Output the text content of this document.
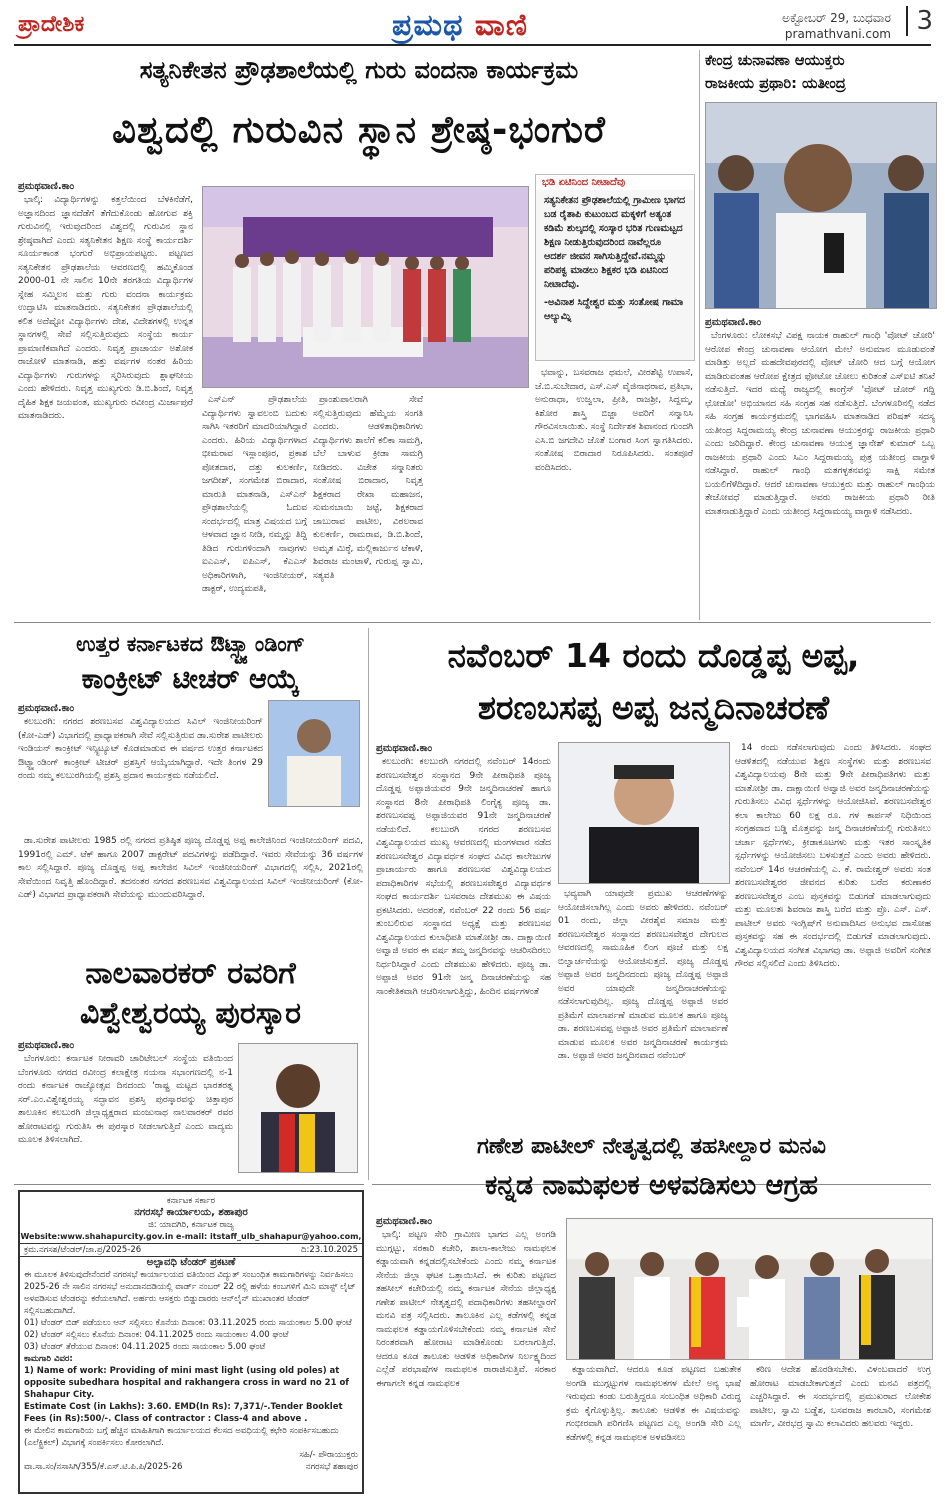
ಪ್ರಾದೇಶಿಕ	ಪ್ರಮಥ ವಾಣಿ	ಅಕ್ಟೋಬರ್ 29, ಬುಧವಾರ
pramathvani.com 3
ಸತ್ಯನಿಕೇತನ ಪ್ರೌಢಶಾಲೆಯಲ್ಲಿ ಗುರು ವಂದನಾ ಕಾರ್ಯಕ್ರಮ
ವಿಶ್ವದಲ್ಲಿ ಗುರುವಿನ ಸ್ಥಾನ ಶ್ರೇಷ್ಠ-ಭಂಗುರೆ
ಪ್ರಮಥವಾಣಿ.ಕಾಂ

ಭಾಲ್ಕಿ: ವಿದ್ಯಾರ್ಥಿಗಳನ್ನು ಕತ್ತಲೆಯಿಂದ ಬೆಳಕಿನೆಡೆಗೆ, ಅಜ್ಞಾನದಿಂದ ಜ್ಞಾನದೆಡೆಗೆ ತೆಗೆದುಕೊಂಡು ಹೋಗುವ ಶಕ್ತಿ ಗುರುವಿನಲ್ಲಿ ಇರುವುದರಿಂದ ವಿಶ್ವದಲ್ಲಿ ಗುರುವಿನ ಸ್ಥಾನ ಶ್ರೇಷ್ಠವಾಗಿದೆ ಎಂದು ಸತ್ಯನಿಕೇತನ ಶಿಕ್ಷಣ ಸಂಸ್ಥೆ ಕಾರ್ಯದರ್ಶಿ ಸೂರ್ಯಕಾಂತ ಭಂಗುರೆ ಅಭಿಪ್ರಾಯಪಟ್ಟರು. ಪಟ್ಟಣದ ಸತ್ಯನಿಕೇತನ ಪ್ರೌಢಶಾಲೆಯ ಆವರಣದಲ್ಲಿ ಹಮ್ಮಿಕೊಂಡ 2000-01 ನೇ ಸಾಲಿನ 10ನೇ ತರಗತಿಯ ವಿದ್ಯಾರ್ಥಿಗಳ ಸ್ನೇಹ ಸಮ್ಮಿಲನ ಮತ್ತು ಗುರು ವಂದನಾ ಕಾರ್ಯಕ್ರಮ ಉದ್ಘಾಟಿಸಿ ಮಾತನಾಡಿದರು. ಸತ್ಯನಿಕೇತನ ಪ್ರೌಢಶಾಲೆಯಲ್ಲಿ ಕಲಿತ ಅದೆಷ್ಟೋ ವಿದ್ಯಾರ್ಥಿಗಳು ದೇಶ, ವಿದೇಶಗಳಲ್ಲಿ ಉನ್ನತ ಸ್ಥಾನಗಳಲ್ಲಿ ಸೇವೆ ಸಲ್ಲಿಸುತ್ತಿರುವುದು ಸಂಸ್ಥೆಯ ಕಾರ್ಯ ಪ್ರಾಮಾಣಿಕವಾಗಿದೆ ಎಂದರು. ನಿವೃತ್ತ ಪ್ರಾಚಾರ್ಯ ಅಶೋಕ ರಾಜೋಳೆ ಮಾತನಾಡಿ, ಹತ್ತು ವರ್ಷಗಳ ನಂತರ ಹಿರಿಯ ವಿದ್ಯಾರ್ಥಿಗಳು ಗುರುಗಳನ್ನು ಸ್ಮರಿಸಿರುವುದು ಶ್ಲಾಘನೀಯ ಎಂದು ಹೇಳಿದರು. ನಿವೃತ್ತ ಮುಖ್ಯಗುರು ಡಿ.ಬಿ.ಶಿಂದೆ, ನಿವೃತ್ತ ದೈಹಿಕ ಶಿಕ್ಷಕ ಜಯವಂತ, ಮುಖ್ಯಗುರು ರವೀಂದ್ರ ಮಿರ್ಜಾಪುರೆ ಮಾತನಾಡಿದರು.

ಭಡಿ ಏಟಿನಿಂದ ನೀಟಾದೆವು
ಸತ್ಯನಿಕೇತನ ಪ್ರೌಢಶಾಲೆಯಲ್ಲಿ ಗ್ರಾಮೀಣ ಭಾಗದ ಬಡ ರೈತಾಪಿ ಕುಟುಂಬದ ಮಕ್ಕಳಿಗೆ ಅತ್ಯಂತ ಕಡಿಮೆ ಶುಲ್ಕದಲ್ಲಿ ಸಂಸ್ಕಾರ ಭರಿತ ಗುಣಮಟ್ಟದ ಶಿಕ್ಷಣ ನೀಡುತ್ತಿರುವುದರಿಂದ ನಾವೆಲ್ಲರೂ ಆದರ್ಶ ಜೀವನ ಸಾಗಿಸುತ್ತಿದ್ದೇವೆ.ನಮ್ಮನ್ನು ಪರಿಪಕ್ವ ಮಾಡಲು ಶಿಕ್ಷಕರ ಭಡಿ ಏಟಿನಿಂದ ನೀಟಾದೆವು.
-ಅವಿನಾಶ ಸಿದ್ದೇಶ್ವರ ಮತ್ತು ಸಂತೋಷ ಗಾಮಾ ಆಲ್ಯುಮ್ನಿ

ಎಸ್‌ಎನ್ ಪ್ರೌಢಶಾಲೆಯ ವಿದ್ಯಾರ್ಥಿಗಳು ಸ್ವಾವಲಂಬಿ ಬದುಕು ಸಾಗಿಸಿ ಇತರರಿಗೆ ಮಾದರಿಯಾಗಿದ್ದಾರೆ ಎಂದರು. ಹಿರಿಯ ವಿದ್ಯಾರ್ಥಿಗಳಾದ ಭೀಮರಾವ ಇಸ್ಲಾಂಪೂರ, ಪ್ರಕಾಶ ಪೋತದಾರ, ದತ್ತು ಕುಲಕರ್ಣಿ, ಜಗದೀಶ್, ಸಂಗಮೇಶ ಬಿರಾದಾರ, ಮಾರುತಿ ಮಾತನಾಡಿ, ಎಸ್‌ಎನ್ ಪ್ರೌಢಶಾಲೆಯಲ್ಲಿ ಓದುವ ಸಂದರ್ಭದಲ್ಲಿ ಮಾತ್ರ ವಿಷಯದ ಬಗ್ಗೆ ಆಳವಾದ ಜ್ಞಾನ ನೀಡಿ, ನಮ್ಮನ್ನು ತಿದ್ದಿ ತಿಡಿದ ಗುರುಗಳಿಂದಾಗಿ ನಾವುಗಳು ಐಎಎಸ್, ಐಪಿಎಸ್, ಕೆಎಎಸ್ ಅಧಿಕಾರಿಗಳಾಗಿ, ಇಂಜಿನೀಯರ್, ಡಾಕ್ಟರ್, ಉದ್ಯಮಪತಿ,

ಪ್ರಾಂಶುಪಾಲರಾಗಿ ಸೇವೆ ಸಲ್ಲಿಸುತ್ತಿರುವುದು ಹೆಮ್ಮೆಯ ಸಂಗತಿ ಎಂದರು. ಆಡಳಿತಾಧಿಕಾರಿಗಳು ವಿದ್ಯಾರ್ಥಿಗಳು ಶಾಲೆಗೆ ಕಲಿಕಾ ಸಾಮಗ್ರಿ, ಬೆಲೆ ಬಾಳುವ ಕ್ರೀಡಾ ಸಾಮಗ್ರಿ ನೀಡಿದರು. ವಿಜೇತ ಸನ್ಮಾನಿತರು ಸಂತೋಷ ಬಿರಾದಾರ, ನಿವೃತ್ತ ಶಿಕ್ಷಕರಾದ ರೇಖಾ ಮಹಾಜನ, ಸುಮನಬಾಯಿ ಜಟ್ಟೆ, ಶಿಕ್ಷಕರಾದ ಜಾಬುರಾವ ಪಾಟೀಲ, ವಿಠಲರಾವ ಕುಲಕರ್ಣಿ, ರಾಮರಾವ, ಡಿ.ಬಿ.ಶಿಂದೆ, ಅಮೃತ ಮಿಠ್ಠೆ, ಮಲ್ಲಿಕಾರ್ಜುನ ಟೆಕಾಳೆ, ಶಿವರಾಜ ಮಂಟಾಳೆ, ಗುರುಪ್ಪ ಸ್ವಾಮಿ, ಸತ್ಯವತಿ

ಭವಾನ್ನು, ಬಸವರಾಜ ಥಮಲೆ, ವೀರಶೆಟ್ಟಿ ಉಪಾಸೆ, ಜೆ.ಬಿ.ಸುಬೇದಾರ, ಎಸ್.ಎಸ್ ವೈಜಿನಾಥರಾವ, ಪ್ರತಿಭಾ, ಅನುರಾಧಾ, ಉಜ್ವಲಾ, ಪ್ರೀತಿ, ರಾಜಶ್ರೀ, ಸಿದ್ದಮ್ಮ, ಕಿಶೋರ ಶಾಸ್ತ್ರಿ ಬಿಜ್ಜಾ ಅವರಿಗೆ ಸನ್ಮಾನಿಸಿ ಗೌರವಿಸಲಾಯಿತು. ಸಂಸ್ಥೆ ನಿರ್ದೇಶಕ ಶಿವಾನಂದ ಗುಂದಗಿ ಎಸಿ.ಬಿ ಜಗದೇವಿ ಜೊತೆ ಬಂಗಾರ ಸಿಂಗ ಸ್ವಾಗತಿಸಿದರು. ಸಂತೋಷ ಬಿರಾದಾರ ನಿರೂಪಿಸಿದರು. ಸಂತಪೂರೆ ವಂದಿಸಿದರು.

ಕೇಂದ್ರ ಚುನಾವಣಾ ಆಯುಕ್ತರು
ರಾಜಕೀಯ ಪ್ರಥಾರಿ: ಯತೀಂದ್ರ
ಪ್ರಮಥವಾಣಿ.ಕಾಂ

ಬೆಂಗಳೂರು: ಲೋಕಸಭೆ ವಿಪಕ್ಷ ನಾಯಕ ರಾಹುಲ್ ಗಾಂಧಿ 'ವೋಟ್ ಚೋರಿ' ಆರೋಪ ಕೇಂದ್ರ ಚುನಾವಣಾ ಆಯೋಗ ಮೇಲೆ ಅನುಮಾನ ಮೂಡುವಂತೆ ಮಾಡಿತ್ತು ಅಲ್ಲದೆ ಮಹದೇವಪುರದಲ್ಲಿ ವೋಟ್ ಚೋರಿ ಆದ ಬಗ್ಗೆ ಆಯೋಗ ಮಾಡಿರುವಂತಹ ಆರೋಪ ಕ್ಷೇತ್ರದ ಫೋಟೋ ಚೋಲು ಕುರಿತಂತೆ ಎಸ್‌ಐಟಿ ತನಿಖೆ ನಡೆಸುತ್ತಿದೆ. ಇದರ ಮಧ್ಯೆ ರಾಜ್ಯದಲ್ಲಿ ಕಾಂಗ್ರೆಸ್ 'ವೋಟ್ ಚೋರ್ ಗದ್ದಿ ಛೋಡೋ' ಅಭಿಯಾನದ ಸಹಿ ಸಂಗ್ರಹ ಸಹ ನಡೆಸುತ್ತಿದೆ. ಬೆಂಗಳೂರಿನಲ್ಲಿ ನಡೆದ ಸಹಿ ಸಂಗ್ರಹ ಕಾರ್ಯಕ್ರಮದಲ್ಲಿ ಭಾಗವಹಿಸಿ ಮಾತನಾಡಿದ ಪರಿಷತ್ ಸದಸ್ಯ ಯತೀಂದ್ರ ಸಿದ್ದರಾಮಯ್ಯ ಕೇಂದ್ರ ಚುನಾವಣಾ ಆಯುಕ್ತರನ್ನು ರಾಜಕೀಯ ಪ್ರಥಾರಿ ಎಂದು ಜರಿದಿದ್ದಾರೆ. ಕೇಂದ್ರ ಚುನಾವಣಾ ಆಯುಕ್ತ ಜ್ಞಾನೇಶ್ ಕುಮಾರ್ ಒಬ್ಬ ರಾಜಕೀಯ ಪ್ರಥಾರಿ ಎಂದು ಸಿಎಂ ಸಿದ್ದರಾಮಯ್ಯ ಪುತ್ರ ಯತೀಂದ್ರ ವಾಗ್ದಾಳಿ ನಡೆಸಿದ್ದಾರೆ. ರಾಹುಲ್ ಗಾಂಧಿ ಮತಗಳ್ಳತನವನ್ನು ಸಾಕ್ಷಿ ಸಮೇತ ಬಯಲಿಗೆಳೆದಿದ್ದಾರೆ. ಆದರೆ ಚುನಾವಣಾ ಆಯುಕ್ತರು ಮತ್ತು ರಾಹುಲ್ ಗಾಂಧಿಯ ತೇಜೋವಧೆ ಮಾಡುತ್ತಿದ್ದಾರೆ. ಅವರು ರಾಜಕೀಯ ಪ್ರಥಾರಿ ರೀತಿ ಮಾತನಾಡುತ್ತಿದ್ದಾರೆ ಎಂದು ಯತೀಂದ್ರ ಸಿದ್ದರಾಮಯ್ಯ ವಾಗ್ದಾಳಿ ನಡೆಸಿದರು.

ಉತ್ತರ ಕರ್ನಾಟಕದ ಔಟ್ಸ್ಟ್ಯಾಂಡಿಂಗ್
ಕಾಂಕ್ರೀಟ್ ಟೀಚರ್ ಆಯ್ಕೆ
ಪ್ರಮಥವಾಣಿ.ಕಾಂ

ಕಲಬುರಗಿ: ನಗರದ ಶರಣಬಸವ ವಿಶ್ವವಿದ್ಯಾಲಯದ ಸಿವಿಲ್ ಇಂಜಿನೀಯರಿಂಗ್ (ಕೋ-ಎಡ್) ವಿಭಾಗದಲ್ಲಿ ಪ್ರಾಧ್ಯಾಪಕರಾಗಿ ಸೇವೆ ಸಲ್ಲಿಸುತ್ತಿರುವ ಡಾ.ಸುರೇಶ ಪಾಟೀಲರು ಇಂಡಿಯನ್ ಕಾಂಕ್ರೀಟ್ ಇನ್ಸ್ಟಿಟ್ಯೂಟ್ ಕೊಡಮಾಡುವ ಈ ವರ್ಷದ ಉತ್ತರ ಕರ್ನಾಟಕದ ಔಟ್ಸ್ಟ್ಯಾಂಡಿಂಗ್ ಕಾಂಕ್ರೀಟ್ ಟೀಚರ್ ಪ್ರಶಸ್ತಿಗೆ ಆಯ್ಕೆಯಾಗಿದ್ದಾರೆ. ಇದೇ ತಿಂಗಳ 29 ರಂದು ನಮ್ಮ ಕಲಬುರಗಿಯಲ್ಲಿ ಪ್ರಶಸ್ತಿ ಪ್ರದಾನ ಕಾರ್ಯಕ್ರಮ ನಡೆಯಲಿದೆ.

ಡಾ.ಸುರೇಶ ಪಾಟೀಲರು 1985 ರಲ್ಲಿ ನಗರದ ಪ್ರತಿಷ್ಠಿತ ಪೂಜ್ಯ ದೊಡ್ಡಪ್ಪ ಅಪ್ಪ ಕಾಲೇಜಿನಿಂದ ಇಂಜಿನೀಯರಿಂಗ್ ಪದವಿ, 1991ರಲ್ಲಿ ಎಮ್. ಟೆಕ್ ಹಾಗೂ 2007 ಡಾಕ್ಟರೇಟ್ ಪದವಿಗಳನ್ನು ಪಡೆದಿದ್ದಾರೆ. ಇವರು ಸೇವೆಯನ್ನು 36 ವರ್ಷಗಳ ಕಾಲ ಸಲ್ಲಿಸಿದ್ದಾರೆ. ಪೂಜ್ಯ ದೊಡ್ಡಪ್ಪ ಅಪ್ಪ ಕಾಲೇಜಿನ ಸಿವಿಲ್ ಇಂಜಿನೀಯರಿಂಗ್ ವಿಭಾಗದಲ್ಲಿ ಸಲ್ಲಿಸಿ, 2021ರಲ್ಲಿ ಸೇವೆಯಿಂದ ನಿವೃತ್ತಿ ಹೊಂದಿದ್ದಾರೆ. ತದನಂತರ ನಗರದ ಶರಣಬಸವ ವಿಶ್ವವಿದ್ಯಾಲಯದ ಸಿವಿಲ್ ಇಂಜಿನೀಯರಿಂಗ್ (ಕೋ-ಎಡ್) ವಿಭಾಗದ ಪ್ರಾಧ್ಯಾಪಕರಾಗಿ ಸೇವೆಯನ್ನು ಮುಂದುವರಿಸಿದ್ದಾರೆ.

ನಾಲವಾರಕರ್ ರವರಿಗೆ
ವಿಶ್ವೇಶ್ವರಯ್ಯ ಪುರಸ್ಕಾರ
ಪ್ರಮಥವಾಣಿ.ಕಾಂ

ಬೆಂಗಳೂರು: ಕರ್ನಾಟಕ ನೀರಾವರಿ ಚಾರಿಟೇಬಲ್ ಸಂಸ್ಥೆಯ ವತಿಯಿಂದ ಬೆಂಗಳೂರು ನಗರದ ರವೀಂದ್ರ ಕಲಾಕ್ಷೇತ್ರ ನಯನಾ ಸಭಾಂಗಣದಲ್ಲಿ ನ-1 ರಂದು ಕರ್ನಾಟಕ ರಾಜ್ಯೋತ್ಸವ ದಿನದಂದು 'ರಾಷ್ಟ್ರ ಮಟ್ಟದ ಭಾರತರತ್ನ ಸರ್.ಎಂ.ವಿಶ್ವೇಶ್ವರಯ್ಯ ಸದ್ಭಾವನ ಪ್ರಶಸ್ತಿ ಪುರಸ್ಕಾರವನ್ನು ಚಿತ್ತಾಪುರ ತಾಲೂಕಿನ ಕಲಬುರಗಿ ಜಿಲ್ಲಾಧ್ಯಕ್ಷರಾದ ಮಂಜುನಾಥ ನಾಲವಾರಕರ್ ರವರ ಹೋರಾಟವನ್ನು ಗುರುತಿಸಿ ಈ ಪುರಸ್ಕಾರ ನೀಡಲಾಗುತ್ತಿದೆ ಎಂದು ವಾದ್ಯಮ ಮೂಲಕ ತಿಳಿಸಲಾಗಿದೆ.

ನವೆಂಬರ್ 14 ರಂದು ದೊಡ್ಡಪ್ಪ ಅಪ್ಪ,
ಶರಣಬಸಪ್ಪ ಅಪ್ಪ ಜನ್ಮದಿನಾಚರಣೆ
ಪ್ರಮಥವಾಣಿ.ಕಾಂ

ಕಲಬುರಗಿ: ಕಲಬುರಗಿ ನಗರದಲ್ಲಿ ನವೆಂಬರ್ 14ರಂದು ಶರಣಬಸವೇಶ್ವರ ಸಂಸ್ಥಾನದ 9ನೇ ಪೀಠಾಧಿಪತಿ ಪೂಜ್ಯ ದೊಡ್ಡಪ್ಪ ಅಪ್ಪಾಜಿಯವರ 9ನೇ ಜನ್ಮದಿನಾಚರಣೆ ಹಾಗೂ ಸಂಸ್ಥಾನದ 8ನೇ ಪೀಠಾಧಿಪತಿ ಲಿಂಗೈಕ್ಯ ಪೂಜ್ಯ ಡಾ. ಶರಣಬಸವಪ್ಪ ಅಪ್ಪಾಜಿಯವರ 91ನೇ ಜನ್ಮದಿನಾಚರಣೆ ನಡೆಯಲಿದೆ. ಕಲಬುರಗಿ ನಗರದ ಶರಣಬಸವ ವಿಶ್ವವಿದ್ಯಾಲಯದ ಮುಖ್ಯ ಆವರಣದಲ್ಲಿ ಮಂಗಳವಾರ ನಡೆದ ಶರಣಬಸವೇಶ್ವರ ವಿದ್ಯಾವರ್ಧಕ ಸಂಘದ ವಿವಿಧ ಕಾಲೇಜುಗಳ ಪ್ರಾಚಾರ್ಯರು ಹಾಗೂ ಶರಣಬಸವ ವಿಶ್ವವಿದ್ಯಾಲಯದ ಪದಾಧಿಕಾರಿಗಳ ಸಭೆಯಲ್ಲಿ ಶರಣಬಸವೇಶ್ವರ ವಿದ್ಯಾವರ್ಧಕ ಸಂಘದ ಕಾರ್ಯದರ್ಶಿ ಬಸವರಾಜ ದೇಶಮುಖ ಈ ವಿಷಯ ಪ್ರಕಟಿಸಿದರು. ಅದರಂತೆ, ನವೆಂಬರ್ 22 ರಂದು 56 ವರ್ಷ ತುಂಬಲಿರುವ ಸಂಸ್ಥಾನದ ಅಧ್ಯಕ್ಷೆ ಮತ್ತು ಶರಣಬಸವ ವಿಶ್ವವಿದ್ಯಾಲಯದ ಕುಲಾಧಿಪತಿ ಮಾತೋಶ್ರೀ ಡಾ. ದಾಕ್ಷಾಯಿಣಿ ಅವ್ವಾಜಿ ಅವರ ಈ ವರ್ಷ ತಮ್ಮ ಜನ್ಮದಿನವನ್ನು ಆಚರಿಸದಿರಲು ನಿರ್ಧರಿಸಿದ್ದಾರೆ ಎಂದು ದೇಶಮುಖ ಹೇಳಿದರು. ಪೂಜ್ಯ ಡಾ. ಅಪ್ಪಾಜಿ ಅವರ 91ನೇ ಜನ್ಮ ದಿನಾಚರಣೆಯನ್ನು ಸಹ ಸಾಂಕೇತಿಕವಾಗಿ ಆಚರಿಸಲಾಗುತ್ತಿದ್ದು, ಹಿಂದಿನ ವರ್ಷಗಳಂತೆ

ಭವ್ಯವಾಗಿ ಯಾವುದೇ ಪ್ರಮುಖ ಆಚರಣೆಗಳನ್ನು ಆಯೋಜಿಸಲಾಗಿಲ್ಲ ಎಂದು ಅವರು ಹೇಳಿದರು. ನವೆಂಬರ್ 01 ರಂದು, ಜಿಲ್ಲಾ ವೀರಶೈವ ಸಮಾಜ ಮತ್ತು ಶರಣಬಸವೇಶ್ವರ ಸಂಸ್ಥಾನದ ಶರಣಬಸವೇಶ್ವರ ದೇಗುಲದ ಆವರಣದಲ್ಲಿ ಸಾಮೂಹಿಕ ಲಿಂಗ ಪೂಜೆ ಮತ್ತು ಲಕ್ಷ ಬಿಲ್ವಾರ್ಚನೆಯನ್ನು ಆಯೋಜಿಸುತ್ತದೆ. ಪೂಜ್ಯ ದೊಡ್ಡಪ್ಪ ಅಪ್ಪಾಜಿ ಅವರ ಜನ್ಮದಿನದಂದು ಪೂಜ್ಯ ದೊಡ್ಡಪ್ಪ ಅಪ್ಪಾಜಿ ಅವರ ಯಾವುದೇ ಜನ್ಮದಿನಾಚರಣೆಯನ್ನು ನಡೆಸಲಾಗುವುದಿಲ್ಲ. ಪೂಜ್ಯ ದೊಡ್ಡಪ್ಪ ಅಪ್ಪಾಜಿ ಅವರ ಪ್ರತಿಮೆಗೆ ಮಾಲಾರ್ಪಣೆ ಮಾಡುವ ಮೂಲಕ ಹಾಗೂ ಪೂಜ್ಯ ಡಾ. ಶರಣಬಸವಪ್ಪ ಅಪ್ಪಾಜಿ ಅವರ ಪ್ರತಿಮೆಗೆ ಮಾಲಾರ್ಪಣೆ ಮಾಡುವ ಮೂಲಕ ಅವರ ಜನ್ಮದಿನಾಚರಣೆ ಕಾರ್ಯಕ್ರಮ ಡಾ. ಅಪ್ಪಾಜಿ ಅವರ ಜನ್ಮದಿನವಾದ ನವೆಂಬರ್

14 ರಂದು ನಡೆಸಲಾಗುವುದು ಎಂದು ತಿಳಿಸಿದರು. ಸಂಘದ ಆಡಳಿತದಲ್ಲಿ ನಡೆಯುವ ಶಿಕ್ಷಣ ಸಂಸ್ಥೆಗಳು ಮತ್ತು ಶರಣಬಸವ ವಿಶ್ವವಿದ್ಯಾಲಯವು 8ನೇ ಮತ್ತು 9ನೇ ಪೀಠಾಧಿಪತಿಗಳು ಮತ್ತು ಮಾತೋಶ್ರೀ ಡಾ. ದಾಕ್ಷಾಯಿಣಿ ಅವ್ವಾಜಿ ಅವರ ಜನ್ಮದಿನಾಚರಣೆಯನ್ನು ಗುರುತಿಸಲು ವಿವಿಧ ಸ್ಪರ್ಧೆಗಳನ್ನು ಆಯೋಜಿಸಿವೆ. ಶರಣಬಸವೇಶ್ವರ ಕಲಾ ಕಾಲೇಜು 60 ಲಕ್ಷ ರೂ. ಗಳ ಕಾರ್ಪಸ್ ನಿಧಿಯಿಂದ ಸಂಗ್ರಹವಾದ ಬಡ್ಡಿ ಮೊತ್ತವನ್ನು ಜನ್ಮ ದಿನಾಚರಣೆಯಲ್ಲಿ ಗುರುತಿಸಲು ಚರ್ಚಾ ಸ್ಪರ್ಧೆಗಳು, ಕ್ರೀಡಾಕೂಟಗಳು ಮತ್ತು ಇತರ ಸಾಂಸ್ಕೃತಿಕ ಸ್ಪರ್ಧೆಗಳನ್ನು ಆಯೋಜಿಸಲು ಬಳಸುತ್ತದೆ ಎಂದು ಅವರು ಹೇಳಿದರು. ನವೆಂಬರ್ 14ರ ಆಚರಣೆಯಲ್ಲಿ ಎ. ಕೆ. ರಾಮೇಶ್ವರ್ ಅವರು ಸಂತ ಶರಣಬಸವೇಶ್ವರರ ಜೀವನದ ಕುರಿತು ಬರೆದ ಕರುಣಾಕರ ಶರಣಬಸವೇಶ್ವರ ಎಂಬ ಪುಸ್ತಕವನ್ನು ಬಿಡುಗಡೆ ಮಾಡಲಾಗುವುದು ಮತ್ತು ಮೂಲತಃ ಶಿವರಾಜ ಶಾಸ್ತ್ರಿ ಬರೆದ ಮತ್ತು ಪ್ರೊ. ಎಸ್. ಎಸ್. ಪಾಟೀಲ್ ಅವರು ಇಂಗ್ಲಿಷ್‌ಗೆ ಅನುವಾದಿಸಿದ ಅನುಭವ ದಾಸೋಹ ಪುಸ್ತಕವನ್ನು ಸಹ ಈ ಸಂದರ್ಭದಲ್ಲಿ ಬಿಡುಗಡೆ ಮಾಡಲಾಗುವುದು. ವಿಶ್ವವಿದ್ಯಾಲಯದ ಸಂಗೀತ ವಿಭಾಗವು ಡಾ. ಅಪ್ಪಾಜಿ ಅವರಿಗೆ ಸಂಗೀತ ಗೌರವ ಸಲ್ಲಿಸಲಿದೆ ಎಂದು ತಿಳಿಸಿದರು.

ಕರ್ನಾಟಕ ಸರ್ಕಾರ
ನಗರಸಭೆ ಕಾರ್ಯಾಲಯ, ಶಹಾಪುರ
ಜಿ: ಯಾದಗಿರಿ, ಕರ್ನಾಟಕ ರಾಜ್ಯ
Website:www.shahapurcity.gov.in e-mail: itstaff_ulb_shahapur@yahoo.com,
ಕ್ರಮ.ನಗಸಶ/ಟೆಂಡರ್/ಜಾ.ಪ್ರ/2025-26	ದಿ:23.10.2025
ಅಲ್ಪಾವಧಿ ಟೆಂಡರ್ ಪ್ರಕಟಣೆ
ಈ ಮೂಲಕ ತಿಳಿಸುವುದೇನೆಂದರೆ ನಗರಸಭೆ ಕಾರ್ಯಾಲಯದ ವತಿಯಿಂದ ವಿದ್ಯುತ್ ಸಂಬಂಧಿತ ಕಾಮಗಾರಿಗಳನ್ನು ನಿರ್ವಹಿಸಲು 2025-26 ನೇ ಸಾಲಿನ ನಗರಸಭೆ ಅನುದಾನದಡಿಯಲ್ಲಿ ವಾರ್ಡ್ ನಂಬರ್ 22 ರಲ್ಲಿ ಹಳೆಯ ಕಂಬಗಳಿಗೆ ಮಿನಿ ಮಾಸ್ಟ್ ಲೈಟ್ ಅಳವಡಿಸುವ ಟೆಂಡರನ್ನು ಕರೆಯಲಾಗಿದೆ. ಅರ್ಹರು ಆಸಕ್ತರು ಬಿಡ್ಡುದಾರರು ಆನ್‌ಲೈನ್ ಮುಖಾಂತರ ಟೆಂಡರ್ ಸಲ್ಲಿಸಬಹುದಾಗಿದೆ.
01) ಟೆಂಡರ್ ಬಿಡ್ ಪಡೆಯಲು ಆನ್ ಸಲ್ಲಿಸಲು ಕೊನೆಯ ದಿನಾಂಕ: 03.11.2025 ರಂದು ಸಾಯಂಕಾಲ 5.00 ಘಂಟೆ
02) ಟೆಂಡರ್ ಸಲ್ಲಿಸಲು ಕೊನೆಯ ದಿನಾಂಕ: 04.11.2025 ರಂದು ಸಾಯಂಕಾಲ 4.00 ಘಂಟೆ
03) ಟೆಂಡರ್ ತೆರೆಯುವ ದಿನಾಂಕ: 04.11.2025 ರಂದು ಸಾಯಂಕಾಲ 5.00 ಘಂಟೆ
ಕಾಮಗಾರಿ ವಿವರ:
1) Name of work: Providing of mini mast light (using old poles) at opposite subedhara hospital and rakhangera cross in ward no 21 of Shahapur City.
Estimate Cost (in Lakhs): 3.60. EMD(In Rs): 7,371/-.Tender Booklet Fees (in Rs):500/-. Class of contractor : Class-4 and above .
ಈ ಮೇಲಿನ ಕಾಮಗಾರಿಯ ಬಗ್ಗೆ ಹೆಚ್ಚಿನ ಮಾಹಿತಿಗಾಗಿ ಕಾರ್ಯಾಲಯದ ಕೆಲಸದ ಅವಧಿಯಲ್ಲಿ ಕಛೇರಿ ಸಂಪರ್ಕಿಸಬಹುದು (ಎಲೆಕ್ಟ್ರಿಕಲ್) ವಿಭಾಗಕ್ಕೆ ಸಂಪರ್ಕಿಸಲು ಕೋರಲಾಗಿದೆ.
ಸಹಿ/- ಪೌರಾಯುಕ್ತರು
ವಾ.ಸಾ.ಸಂ/ನಸಾಸಿಗಿ/355/ಕೆ.ಎಸ್.ಟಿ.ಪಿ.ಪಿ/2025-26	ನಗರಸಭೆ ಶಹಾಪುರ
ಗಣೇಶ ಪಾಟೀಲ್ ನೇತೃತ್ವದಲ್ಲಿ ತಹಸೀಲ್ದಾರ ಮನವಿ
ಕನ್ನಡ ನಾಮಫಲಕ ಅಳವಡಿಸಲು ಆಗ್ರಹ
ಪ್ರಮಥವಾಣಿ.ಕಾಂ

ಭಾಲ್ಕಿ: ಪಟ್ಟಣ ಸೇರಿ ಗ್ರಾಮೀಣ ಭಾಗದ ಎಲ್ಲ ಅಂಗಡಿ ಮುಗ್ಗಟ್ಟು, ಸರಕಾರಿ ಕಚೇರಿ, ಶಾಲಾ-ಕಾಲೇಜು ನಾಮಫಲಕ ಕಡ್ಡಾಯವಾಗಿ ಕನ್ನಡದಲ್ಲಿಸಬೇಕೆಂದು ಎಂದು ನಮ್ಮ ಕರ್ನಾಟಕ ಸೇನೆಯ ಜಿಲ್ಲಾ ಘಟಕ ಒತ್ತಾಯಿಸಿದೆ. ಈ ಕುರಿತು ಪಟ್ಟಣದ ತಹಸೀಲ್ ಕಚೇರಿಯಲ್ಲಿ ನಮ್ಮ ಕರ್ನಾಟಕ ಸೇನೆಯ ಜಿಲ್ಲಾಧ್ಯಕ್ಷ ಗಣೇಶ ಪಾಟೀಲ್ ನೇತೃತ್ವದಲ್ಲಿ ಪದಾಧಿಕಾರಿಗಳು ತಹಸೀಲ್ದಾರಗೆ ಮನವಿ ಪತ್ರ ಸಲ್ಲಿಸಿದರು. ತಾಲೂಕಿನ ಎಲ್ಲ ಕಡೆಗಳಲ್ಲಿ ಕನ್ನಡ ನಾಮಫಲಕ ಕಡ್ಡಾಯಗೊಳಿಸಬೇಕೆಂದು ನಮ್ಮ ಕರ್ನಾಟಕ ಸೇನೆ ನಿರಂತರವಾಗಿ ಹೋರಾಟ ಮಾಡಿಕೊಂಡು ಬರಲಾಗುತ್ತಿದೆ. ಆದರೂ ಕೂಡ ತಾಲೂಕು ಆಡಳಿತ ಅಧಿಕಾರಿಗಳ ನಿರ್ಲಕ್ಷ್ಯದಿಂದ ಎಲ್ಲೆಡೆ ಪರಭಾಷೆಗಳ ನಾಮಫಲಕ ರಾರಾಜಿಸುತ್ತಿವೆ. ಸರಕಾರ ಈಗಾಗಲೇ ಕನ್ನಡ ನಾಮಫಲಕ

ಕಡ್ಡಾಯವಾಗಿದೆ. ಆದರೂ ಕೂಡ ಪಟ್ಟಣದ ಬಹುತೇಕ ಅಂಗಡಿ ಮುಗ್ಗಟ್ಟುಗಳ ನಾಮಫಲಕಗಳ ಮೇಲೆ ಅನ್ಯ ಭಾಷೆ ಇರುವುದು ಕಂಡು ಬರುತ್ತಿದ್ದರೂ ಸಂಬಂಧಿತ ಅಧಿಕಾರಿ ವಿರುದ್ಧ ಕ್ರಮ ಕೈಗೊಳ್ಳುತ್ತಿಲ್ಲ. ತಾಲೂಕು ಆಡಳಿತ ಈ ವಿಷಯವನ್ನು ಗಂಭೀರವಾಗಿ ಪರಿಗಣಿಸಿ ಪಟ್ಟಣದ ಎಲ್ಲ ಅಂಗಡಿ ಸೇರಿ ಎಲ್ಲ ಕಡೆಗಳಲ್ಲಿ ಕನ್ನಡ ನಾಮಫಲಕ ಅಳವಡಿಸಲು

ಕಠಿಣ ಆದೇಶ ಹೊರಡಿಸಬೇಕು. ವಿಳಂಬವಾದರೆ ಉಗ್ರ ಹೋರಾಟ ಮಾಡಬೇಕಾಗುತ್ತದೆ ಎಂದು ಮನವಿ ಪತ್ರದಲ್ಲಿ ಎಚ್ಚರಿಸಿದ್ದಾರೆ. ಈ ಸಂದರ್ಭದಲ್ಲಿ ಪ್ರಮುಖರಾದ ಲೋಕೇಶ ಪಾಟೀಲ, ಸ್ವಾಮಿ ಬಡ್ಡೆಶ, ಬಸವರಾಜ ಕಾರಬಾರಿ, ಸಂಗಮೇಶ ಮಾರ್ಗೆ, ವೀರಭದ್ರ ಸ್ವಾಮಿ ಕಲಾವಿದರು ಹಲವರು ಇದ್ದರು.
